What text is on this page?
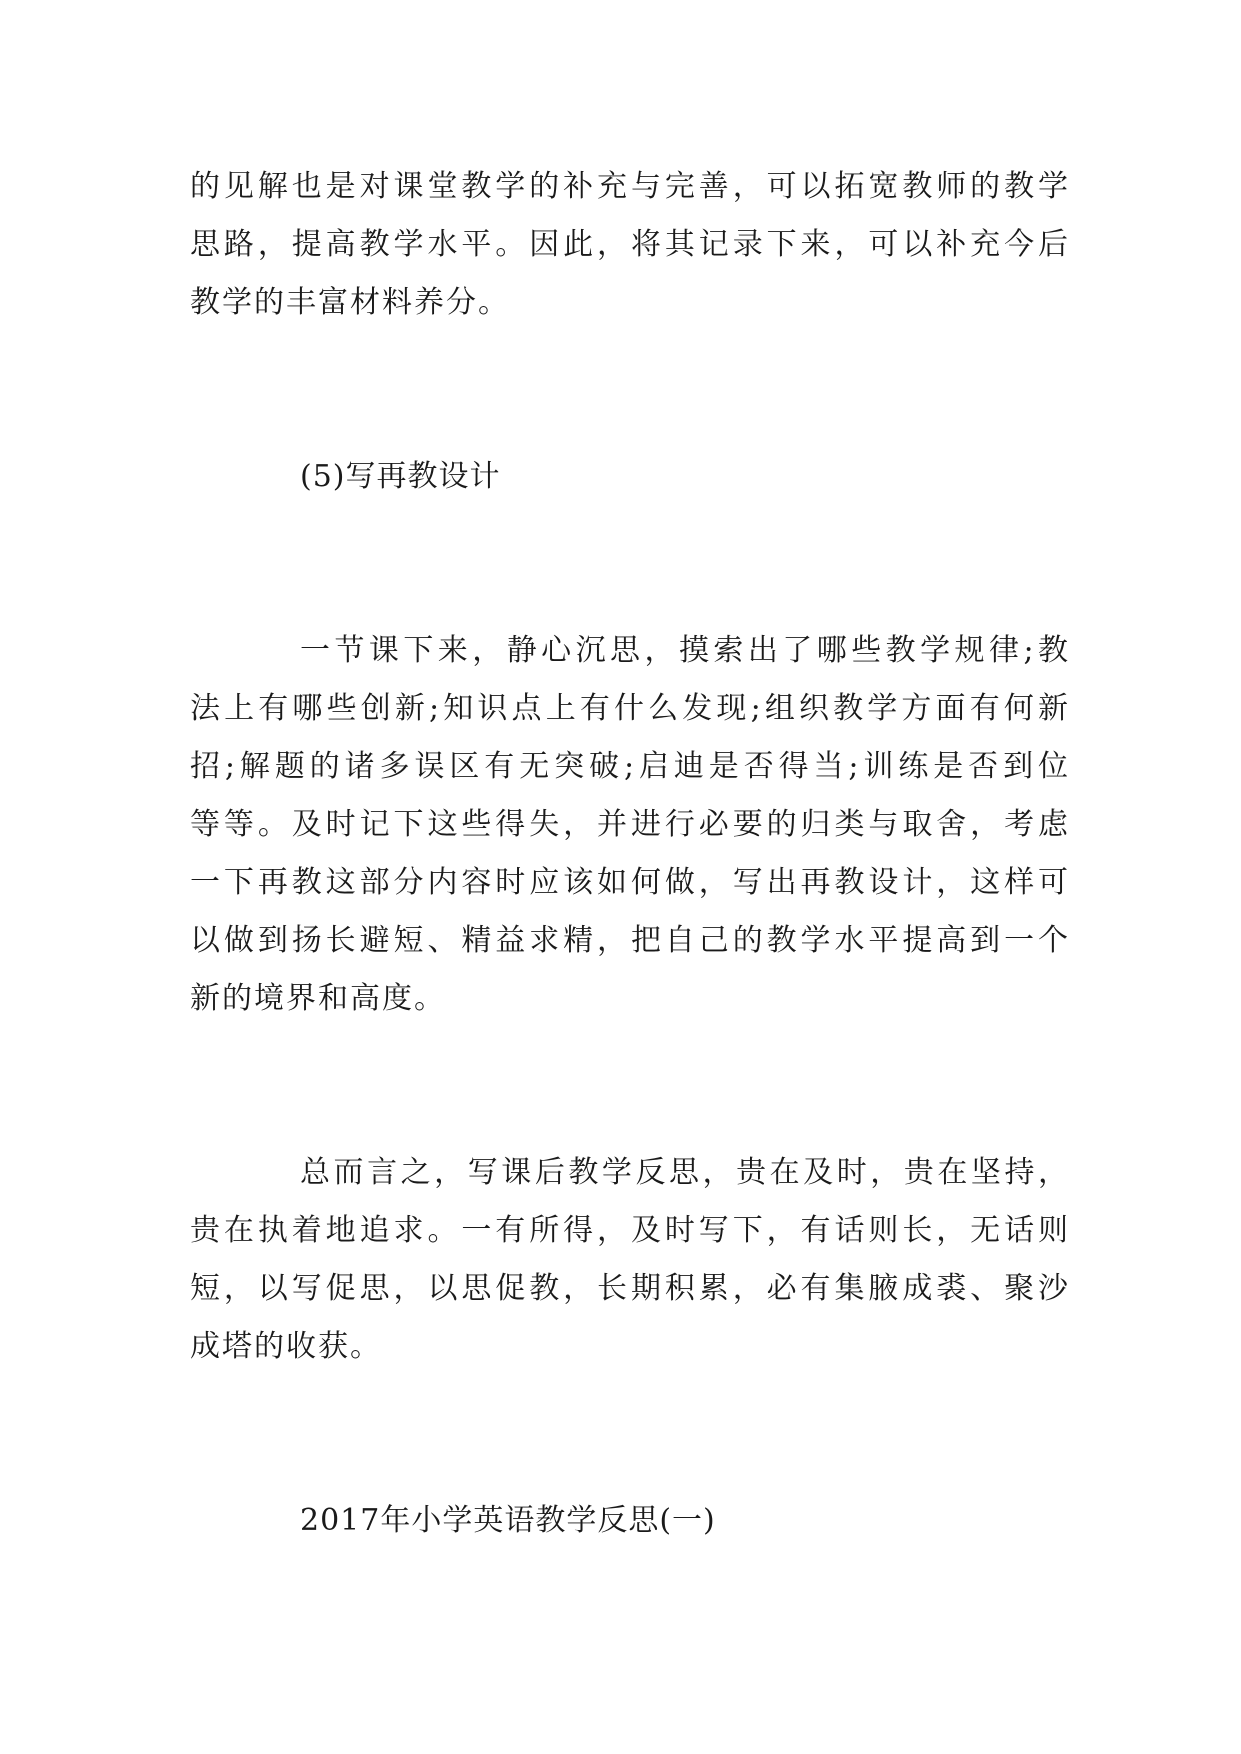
的见解也是对课堂教学的补充与完善，可以拓宽教师的教学
思路，提高教学水平。因此，将其记录下来，可以补充今后
教学的丰富材料养分。
(5)写再教设计
一节课下来，静心沉思，摸索出了哪些教学规律;教
法上有哪些创新;知识点上有什么发现;组织教学方面有何新
招;解题的诸多误区有无突破;启迪是否得当;训练是否到位
等等。及时记下这些得失，并进行必要的归类与取舍，考虑
一下再教这部分内容时应该如何做，写出再教设计，这样可
以做到扬长避短、精益求精，把自己的教学水平提高到一个
新的境界和高度。
总而言之，写课后教学反思，贵在及时，贵在坚持，
贵在执着地追求。一有所得，及时写下，有话则长，无话则
短，以写促思，以思促教，长期积累，必有集腋成裘、聚沙
成塔的收获。
2017年小学英语教学反思(一)
